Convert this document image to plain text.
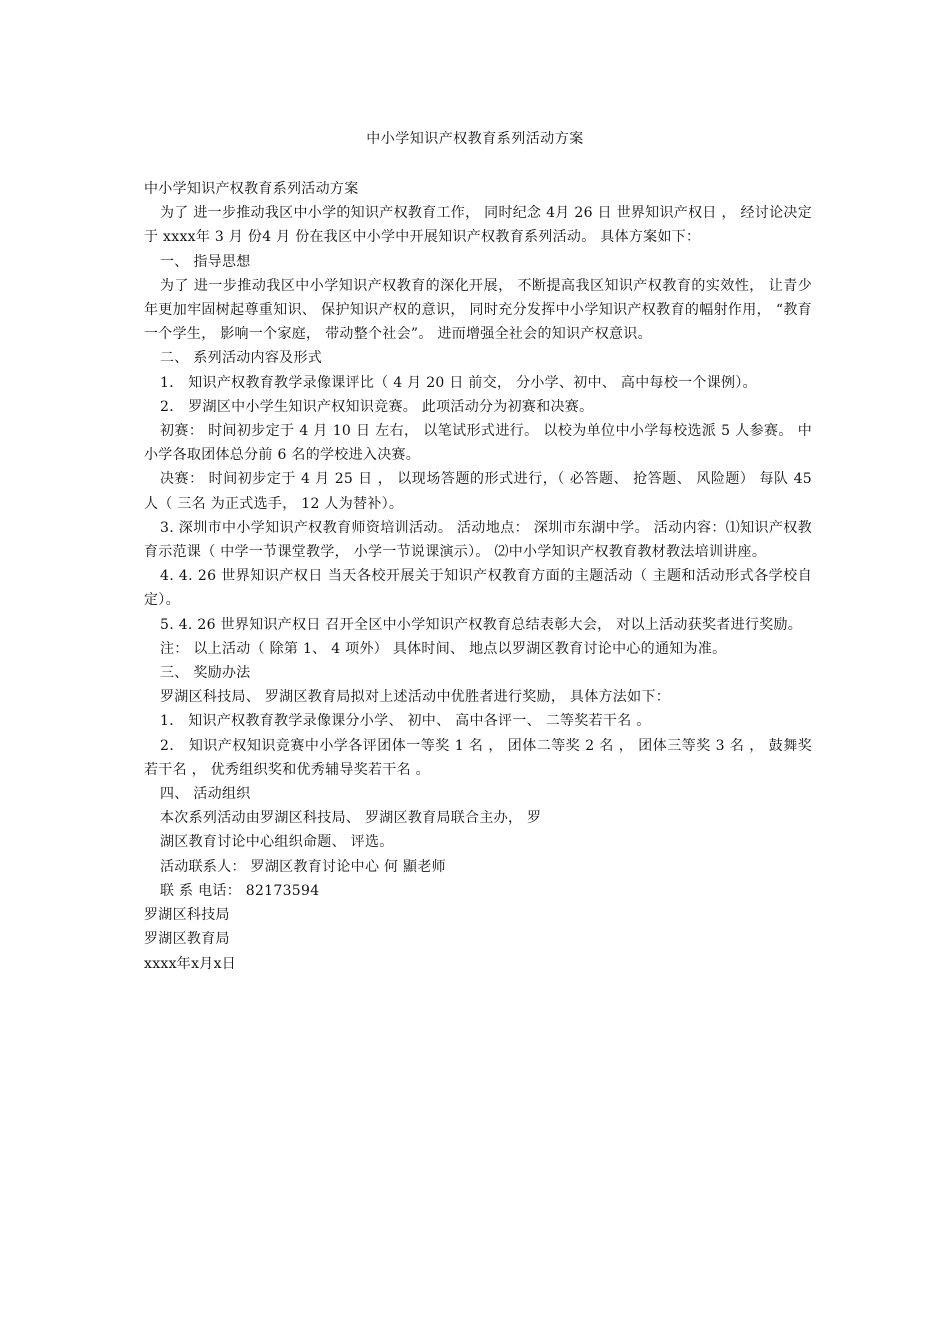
中小学知识产权教育系列活动方案

中小学知识产权教育系列活动方案

为了 进一步推动我区中小学的知识产权教育工作， 同时纪念 4月 26 日 世界知识产权日 ， 经讨论决定于 xxxx年 3 月 份4 月 份在我区中小学中开展知识产权教育系列活动。 具体方案如下：

一、 指导思想

为了 进一步推动我区中小学知识产权教育的深化开展， 不断提高我区知识产权教育的实效性， 让青少年更加牢固树起尊重知识、 保护知识产权的意识， 同时充分发挥中小学知识产权教育的幅射作用， “教育一个学生， 影响一个家庭， 带动整个社会”。 进而增强全社会的知识产权意识。

二、 系列活动内容及形式

1． 知识产权教育教学录像课评比（ 4 月 20 日 前交， 分小学、初中、 高中每校一个课例）。

2． 罗湖区中小学生知识产权知识竞赛。 此项活动分为初赛和决赛。

初赛： 时间初步定于 4 月 10 日 左右， 以笔试形式进行。 以校为单位中小学每校选派 5 人参赛。 中小学各取团体总分前 6 名的学校进入决赛。

决赛： 时间初步定于 4 月 25 日 ， 以现场答题的形式进行，（ 必答题、 抢答题、 风险题） 每队 45 人（ 三名 为正式选手， 12 人为替补）。

3. 深圳市中小学知识产权教育师资培训活动。 活动地点： 深圳市东湖中学。 活动内容：⑴知识产权教育示范课（ 中学一节课堂教学， 小学一节说课演示）。 ⑵中小学知识产权教育教材教法培训讲座。

4. 4. 26 世界知识产权日 当天各校开展关于知识产权教育方面的主题活动（ 主题和活动形式各学校自 定）。

5. 4. 26 世界知识产权日 召开全区中小学知识产权教育总结表彰大会， 对以上活动获奖者进行奖励。

注： 以上活动（ 除第 1、 4 项外） 具体时间、 地点以罗湖区教育讨论中心的通知为准。

三、 奖励办法

罗湖区科技局、 罗湖区教育局拟对上述活动中优胜者进行奖励， 具体方法如下：

1． 知识产权教育教学录像课分小学、 初中、 高中各评一、 二等奖若干名 。

2． 知识产权知识竞赛中小学各评团体一等奖 1 名 ， 团体二等奖 2 名 ， 团体三等奖 3 名 ， 鼓舞奖若干名 ， 优秀组织奖和优秀辅导奖若干名 。

四、 活动组织

本次系列活动由罗湖区科技局、 罗湖区教育局联合主办， 罗

湖区教育讨论中心组织命题、 评选。

活动联系人： 罗湖区教育讨论中心 何 顯老师

联 系 电话： 82173594

罗湖区科技局

罗湖区教育局

xxxx年x月x日
